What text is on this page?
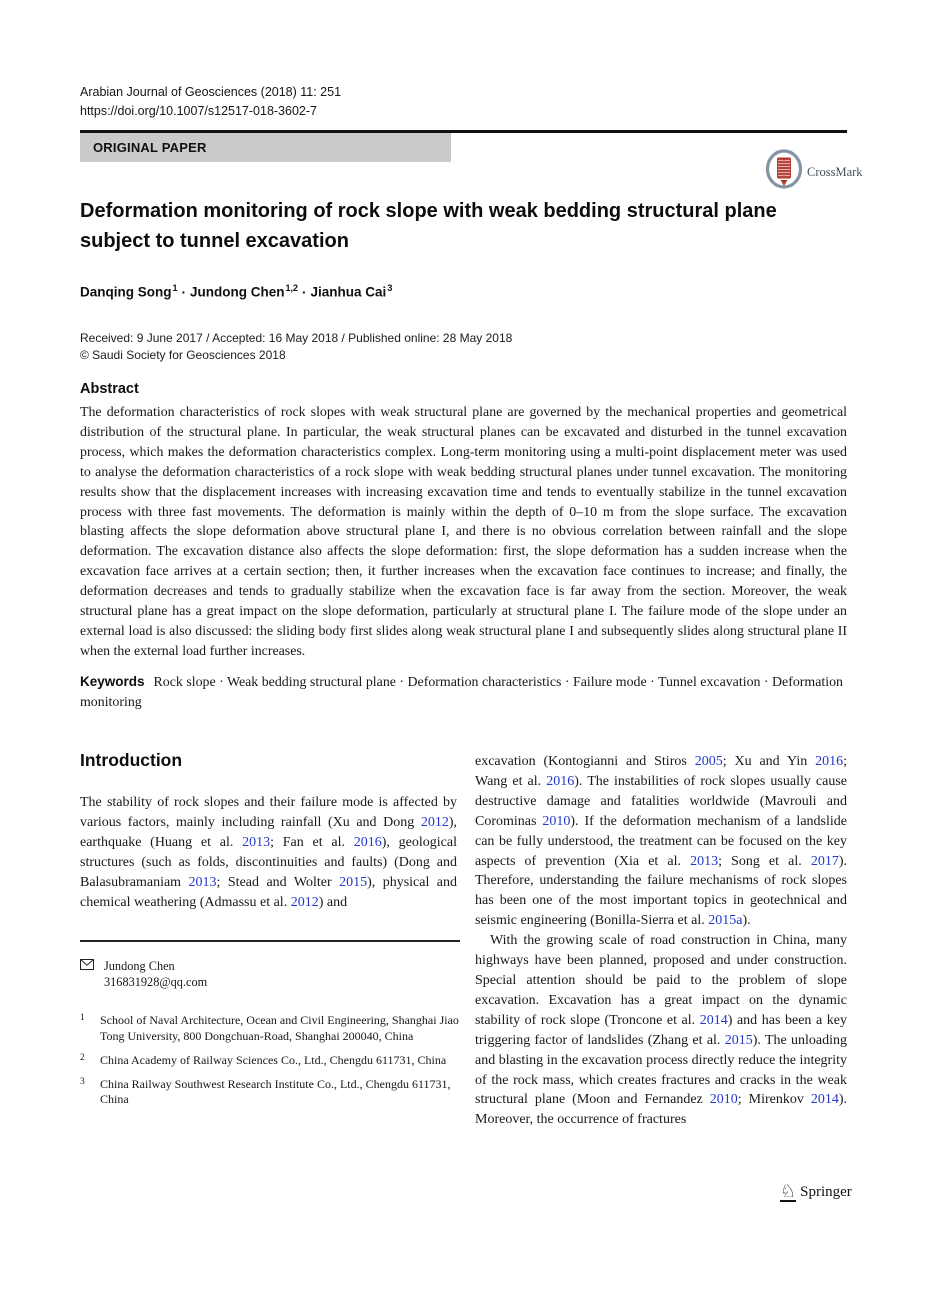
Arabian Journal of Geosciences (2018) 11: 251
https://doi.org/10.1007/s12517-018-3602-7
ORIGINAL PAPER
CrossMark
Deformation monitoring of rock slope with weak bedding structural plane subject to tunnel excavation
Danqing Song$^1$ · Jundong Chen$^{1,2}$ · Jianhua Cai$^3$
Received: 9 June 2017 / Accepted: 16 May 2018 / Published online: 28 May 2018
© Saudi Society for Geosciences 2018
Abstract
The deformation characteristics of rock slopes with weak structural plane are governed by the mechanical properties and geometrical distribution of the structural plane. In particular, the weak structural planes can be excavated and disturbed in the tunnel excavation process, which makes the deformation characteristics complex. Long-term monitoring using a multi-point displacement meter was used to analyse the deformation characteristics of a rock slope with weak bedding structural planes under tunnel excavation. The monitoring results show that the displacement increases with increasing excavation time and tends to eventually stabilize in the tunnel excavation process with three fast movements. The deformation is mainly within the depth of 0–10 m from the slope surface. The excavation blasting affects the slope deformation above structural plane I, and there is no obvious correlation between rainfall and the slope deformation. The excavation distance also affects the slope deformation: first, the slope deformation has a sudden increase when the excavation face arrives at a certain section; then, it further increases when the excavation face continues to increase; and finally, the deformation decreases and tends to gradually stabilize when the excavation face is far away from the section. Moreover, the weak structural plane has a great impact on the slope deformation, particularly at structural plane I. The failure mode of the slope under an external load is also discussed: the sliding body first slides along weak structural plane I and subsequently slides along structural plane II when the external load further increases.
Keywords Rock slope · Weak bedding structural plane · Deformation characteristics · Failure mode · Tunnel excavation · Deformation monitoring
Introduction
The stability of rock slopes and their failure mode is affected by various factors, mainly including rainfall (Xu and Dong 2012), earthquake (Huang et al. 2013; Fan et al. 2016), geological structures (such as folds, discontinuities and faults) (Dong and Balasubramaniam 2013; Stead and Wolter 2015), physical and chemical weathering (Admassu et al. 2012) and

excavation (Kontogianni and Stiros 2005; Xu and Yin 2016; Wang et al. 2016). The instabilities of rock slopes usually cause destructive damage and fatalities worldwide (Mavrouli and Corominas 2010). If the deformation mechanism of a landslide can be fully understood, the treatment can be focused on the key aspects of prevention (Xia et al. 2013; Song et al. 2017). Therefore, understanding the failure mechanisms of rock slopes has been one of the most important topics in geotechnical and seismic engineering (Bonilla-Sierra et al. 2015a).

With the growing scale of road construction in China, many highways have been planned, proposed and under construction. Special attention should be paid to the problem of slope excavation. Excavation has a great impact on the dynamic stability of rock slope (Troncone et al. 2014) and has been a key triggering factor of landslides (Zhang et al. 2015). The unloading and blasting in the excavation process directly reduce the integrity of the rock mass, which creates fractures and cracks in the weak structural plane (Moon and Fernandez 2010; Mirenkov 2014). Moreover, the occurrence of fractures

Jundong Chen
316831928@qq.com
1 School of Naval Architecture, Ocean and Civil Engineering, Shanghai Jiao Tong University, 800 Dongchuan-Road, Shanghai 200040, China
2 China Academy of Railway Sciences Co., Ltd., Chengdu 611731, China
3 China Railway Southwest Research Institute Co., Ltd., Chengdu 611731, China
♘ Springer
